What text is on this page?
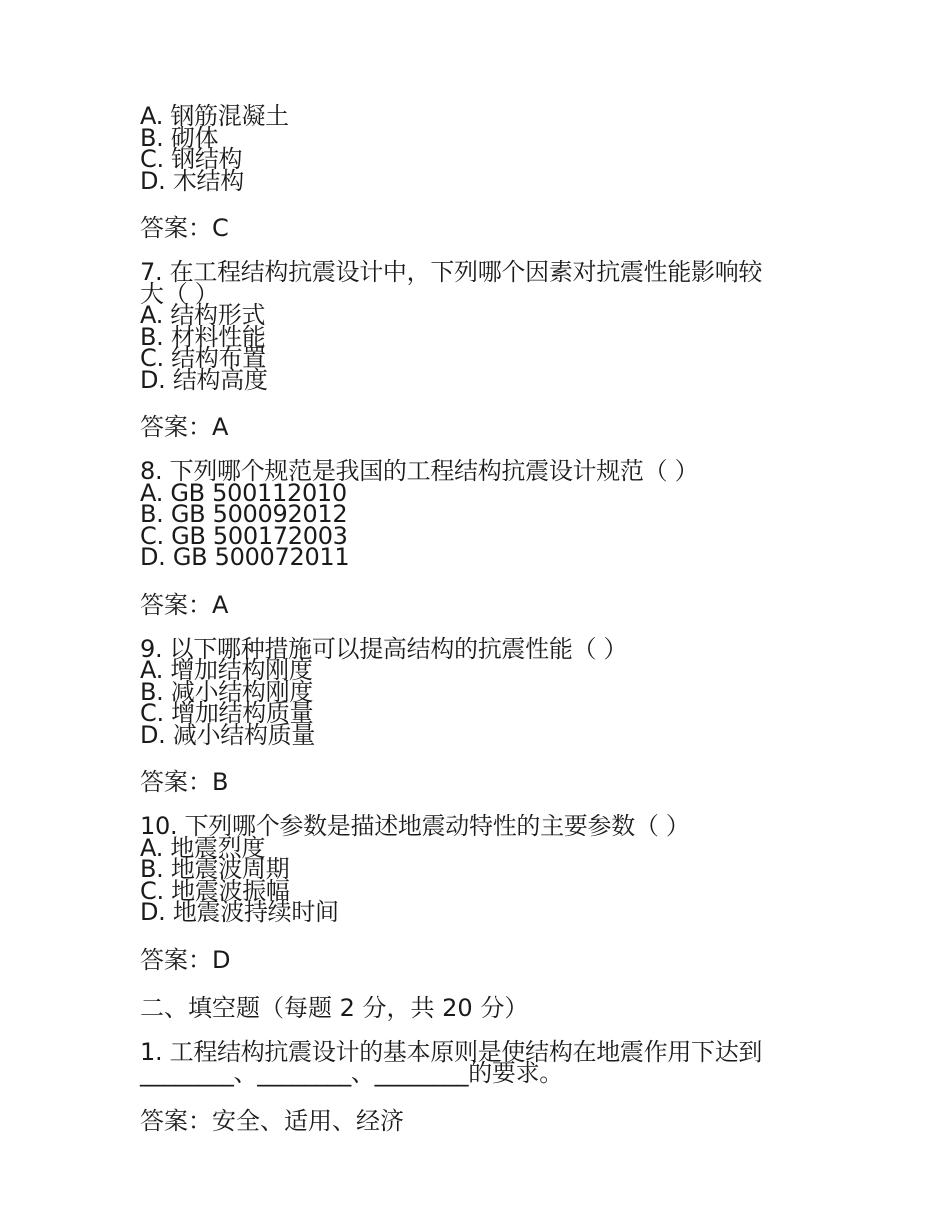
A. 钢筋混凝土
B. 砌体
C. 钢结构
D. 木结构
答案：C
7. 在工程结构抗震设计中，下列哪个因素对抗震性能影响较
大（ ）
A. 结构形式
B. 材料性能
C. 结构布置
D. 结构高度
答案：A
8. 下列哪个规范是我国的工程结构抗震设计规范（ ）
A. GB 500112010
B. GB 500092012
C. GB 500172003
D. GB 500072011
答案：A
9. 以下哪种措施可以提高结构的抗震性能（ ）
A. 增加结构刚度
B. 减小结构刚度
C. 增加结构质量
D. 减小结构质量
答案：B
10. 下列哪个参数是描述地震动特性的主要参数（ ）
A. 地震烈度
B. 地震波周期
C. 地震波振幅
D. 地震波持续时间
答案：D
二、填空题（每题 2 分，共 20 分）
1. 工程结构抗震设计的基本原则是使结构在地震作用下达到
________、________、________的要求。
答案：安全、适用、经济
